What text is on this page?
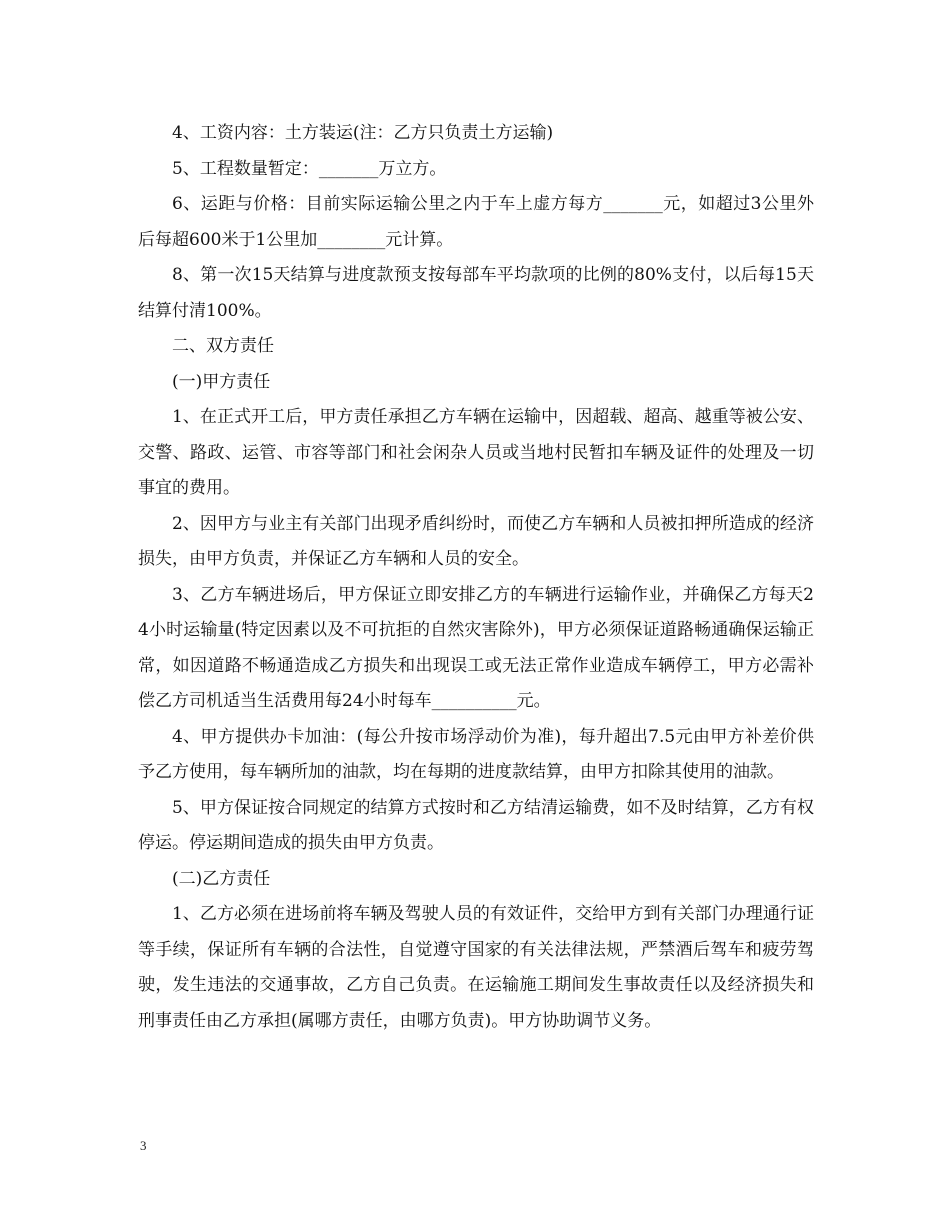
4、工资内容：土方装运(注：乙方只负责土方运输)

5、工程数量暂定：_______万立方。

6、运距与价格：目前实际运输公里之内于车上虚方每方_______元，如超过3公里外后每超600米于1公里加________元计算。

8、第一次15天结算与进度款预支按每部车平均款项的比例的80%支付，以后每15天结算付清100%。

二、双方责任

(一)甲方责任

1、在正式开工后，甲方责任承担乙方车辆在运输中，因超载、超高、越重等被公安、交警、路政、运管、市容等部门和社会闲杂人员或当地村民暂扣车辆及证件的处理及一切事宜的费用。

2、因甲方与业主有关部门出现矛盾纠纷时，而使乙方车辆和人员被扣押所造成的经济损失，由甲方负责，并保证乙方车辆和人员的安全。

3、乙方车辆进场后，甲方保证立即安排乙方的车辆进行运输作业，并确保乙方每天24小时运输量(特定因素以及不可抗拒的自然灾害除外)，甲方必须保证道路畅通确保运输正常，如因道路不畅通造成乙方损失和出现误工或无法正常作业造成车辆停工，甲方必需补偿乙方司机适当生活费用每24小时每车__________元。

4、甲方提供办卡加油：(每公升按市场浮动价为准)，每升超出7.5元由甲方补差价供予乙方使用，每车辆所加的油款，均在每期的进度款结算，由甲方扣除其使用的油款。

5、甲方保证按合同规定的结算方式按时和乙方结清运输费，如不及时结算，乙方有权停运。停运期间造成的损失由甲方负责。

(二)乙方责任

1、乙方必须在进场前将车辆及驾驶人员的有效证件，交给甲方到有关部门办理通行证等手续，保证所有车辆的合法性，自觉遵守国家的有关法律法规，严禁酒后驾车和疲劳驾驶，发生违法的交通事故，乙方自己负责。在运输施工期间发生事故责任以及经济损失和刑事责任由乙方承担(属哪方责任，由哪方负责)。甲方协助调节义务。

3
